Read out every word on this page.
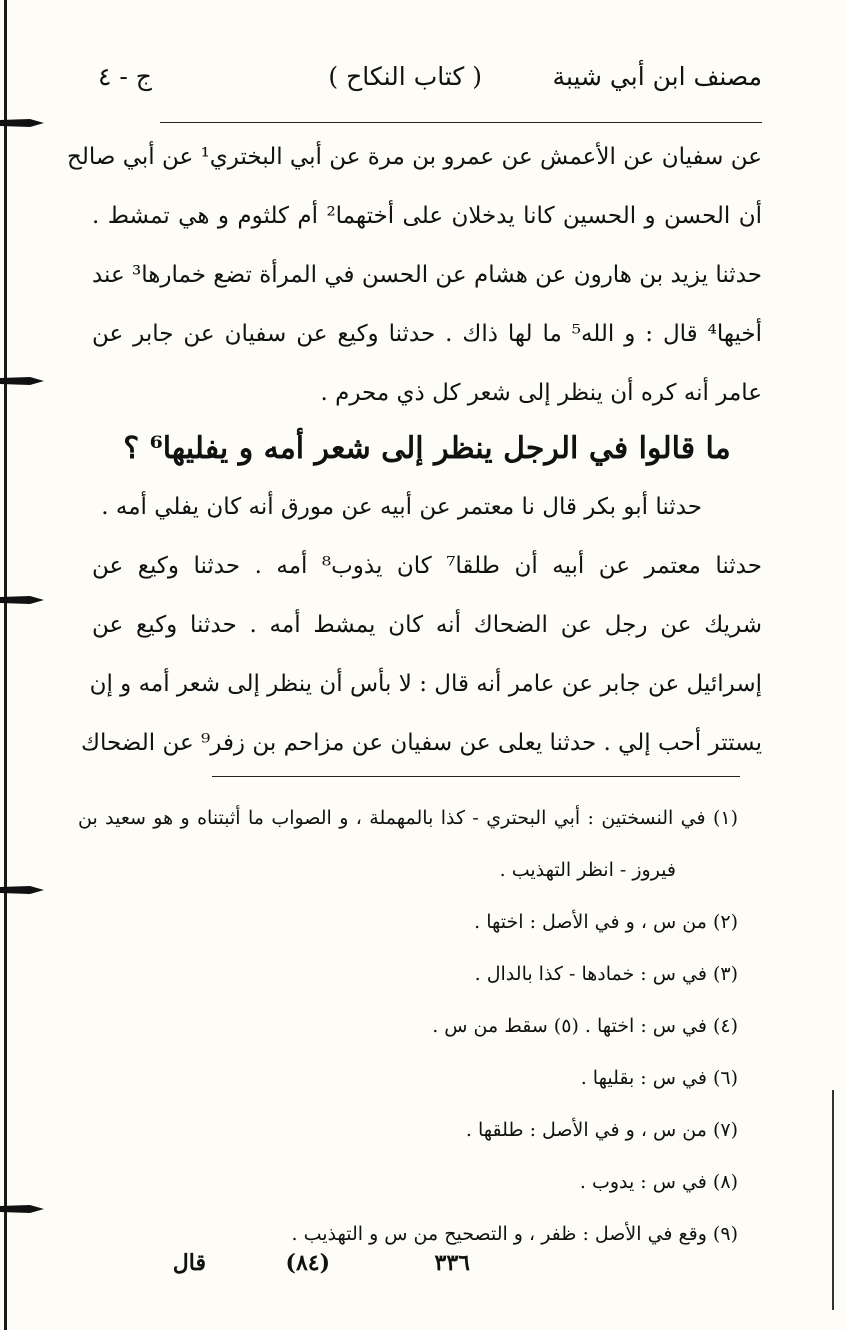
مصنف ابن أبي شيبة
( كتاب النكاح )
ج - ٤
عن سفيان عن الأعمش عن عمرو بن مرة عن أبي البختري¹ عن أبي صالح
أن الحسن و الحسين كانا يدخلان على أختهما² أم كلثوم و هي تمشط .
حدثنا يزيد بن هارون عن هشام عن الحسن في المرأة تضع خمارها³ عند
أخيها⁴ قال : و الله⁵ ما لها ذاك . حدثنا وكيع عن سفيان عن جابر عن
عامر أنه كره أن ينظر إلى شعر كل ذي محرم .
ما قالوا في الرجل ينظر إلى شعر أمه و يفليها⁶ ؟
حدثنا أبو بكر قال نا معتمر عن أبيه عن مورق أنه كان يفلي أمه .
حدثنا معتمر عن أبيه أن طلقا⁷ كان يذوب⁸ أمه . حدثنا وكيع عن
شريك عن رجل عن الضحاك أنه كان يمشط أمه . حدثنا وكيع عن
إسرائيل عن جابر عن عامر أنه قال : لا بأس أن ينظر إلى شعر أمه و إن
يستتر أحب إلي . حدثنا يعلى عن سفيان عن مزاحم بن زفر⁹ عن الضحاك
(١) في النسختين : أبي البحتري - كذا بالمهملة ، و الصواب ما أثبتناه و هو سعيد بن
فيروز - انظر التهذيب .
(٢) من س ، و في الأصل : اختها .
(٣) في س : خمادها - كذا بالدال .
(٤) في س : اختها . (٥) سقط من س .
(٦) في س : بقليها .
(٧) من س ، و في الأصل : طلقها .
(٨) في س : يدوب .
(٩) وقع في الأصل : ظفر ، و التصحيح من س و التهذيب .
٣٣٦
(٨٤)
قال
